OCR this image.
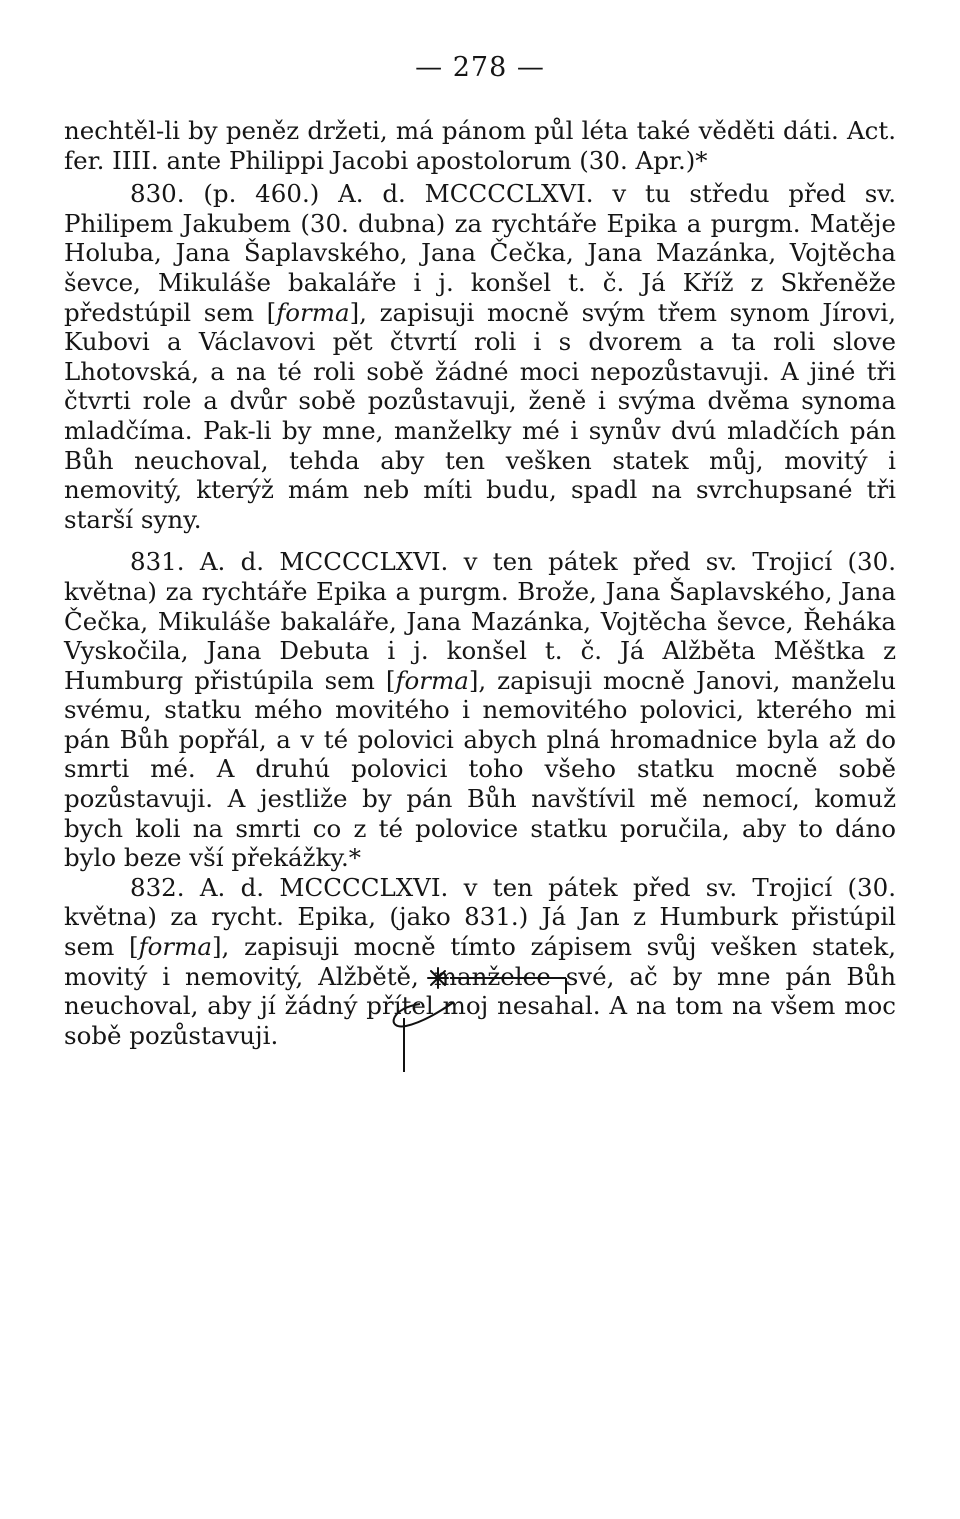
— 278 —

nechtěl-li by peněz držeti, má pánom půl léta také věděti dáti. Act. fer. IIII. ante Philippi Jacobi apostolorum (30. Apr.)*

830. (p. 460.) A. d. MCCCCLXVI. v tu středu před sv. Philipem Jakubem (30. dubna) za rychtáře Epika a purgm. Matěje Holuba, Jana Šaplavského, Jana Čečka, Jana Mazánka, Vojtěcha ševce, Mikuláše bakaláře i j. konšel t. č. Já Kříž z Skřeněže předstúpil sem [forma], zapisuji mocně svým třem synom Jírovi, Kubovi a Václavovi pět čtvrtí roli i s dvorem a ta roli slove Lhotovská, a na té roli sobě žádné moci nepozůstavuji. A jiné tři čtvrti role a dvůr sobě pozůstavuji, ženě i svýma dvěma synoma mladčíma. Pak-li by mne, manželky mé i synův dvú mladčích pán Bůh neuchoval, tehda aby ten vešken statek můj, movitý i nemovitý, kterýž mám neb míti budu, spadl na svrchupsané tři starší syny.

831. A. d. MCCCCLXVI. v ten pátek před sv. Trojicí (30. května) za rychtáře Epika a purgm. Brože, Jana Šaplavského, Jana Čečka, Mikuláše bakaláře, Jana Mazánka, Vojtěcha ševce, Řeháka Vyskočila, Jana Debuta i j. konšel t. č. Já Alžběta Měštka z Humburg přistúpila sem [forma], zapisuji mocně Janovi, manželu svému, statku mého movitého i nemovitého polovici, kterého mi pán Bůh popřál, a v té polovici abych plná hromadnice byla až do smrti mé. A druhú polovici toho všeho statku mocně sobě pozůstavuji. A jestliže by pán Bůh navštívil mě nemocí, komuž bych koli na smrti co z té polovice statku poručila, aby to dáno bylo beze vší překážky.*

832. A. d. MCCCCLXVI. v ten pátek před sv. Trojicí (30. května) za rycht. Epika, (jako 831.) Já Jan z Humburk přistúpil sem [forma], zapisuji mocně tímto zápisem svůj vešken statek, movitý i nemovitý, Alžbětě, manželce své, ač by mne pán Bůh neuchoval, aby jí žádný přítel moj nesahal. A na tom na všem moc sobě pozůstavuji.
